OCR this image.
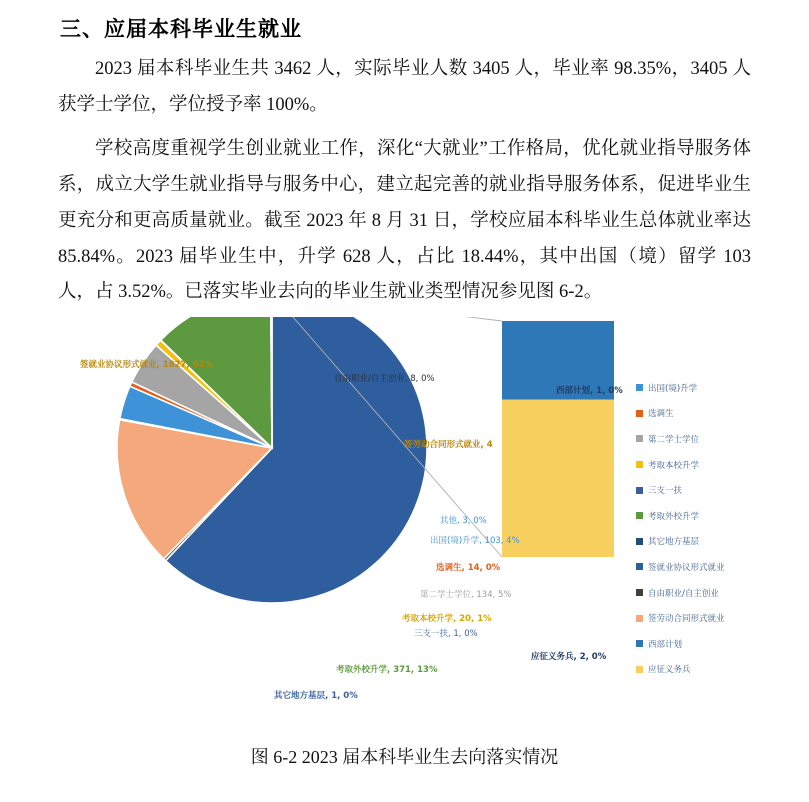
三、应届本科毕业生就业

2023 届本科毕业生共 3462 人，实际毕业人数 3405 人，毕业率 98.35%，3405 人获学士学位，学位授予率 100%。

学校高度重视学生创业就业工作，深化“大就业”工作格局，优化就业指导服务体系，成立大学生就业指导与服务中心，建立起完善的就业指导服务体系，促进毕业生更充分和更高质量就业。截至 2023 年 8 月 31 日，学校应届本科毕业生总体就业率达 85.84%。2023 届毕业生中，升学 628 人，占比 18.44%，其中出国（境）留学 103 人，占 3.52%。已落实毕业去向的毕业生就业类型情况参见图 6-2。

出国(境)升学
选调生
第二学士学位
考取本校升学
三支一扶
考取外校升学
其它地方基层
签就业协议形式就业
自由职业/自主创业
签劳动合同形式就业
西部计划
应征义务兵
签就业协议形式就业, 1827, 62%
自由职业/自主创业, 8, 0%
签劳动合同形式就业, 4
其他, 3, 0%
出国(境)升学, 103, 4%
选调生, 14, 0%
第二学士学位, 134, 5%
考取本校升学, 20, 1%
三支一扶, 1, 0%
考取外校升学, 371, 13%
其它地方基层, 1, 0%
西部计划, 1, 0%
应征义务兵, 2, 0%
图 6-2 2023 届本科毕业生去向落实情况
